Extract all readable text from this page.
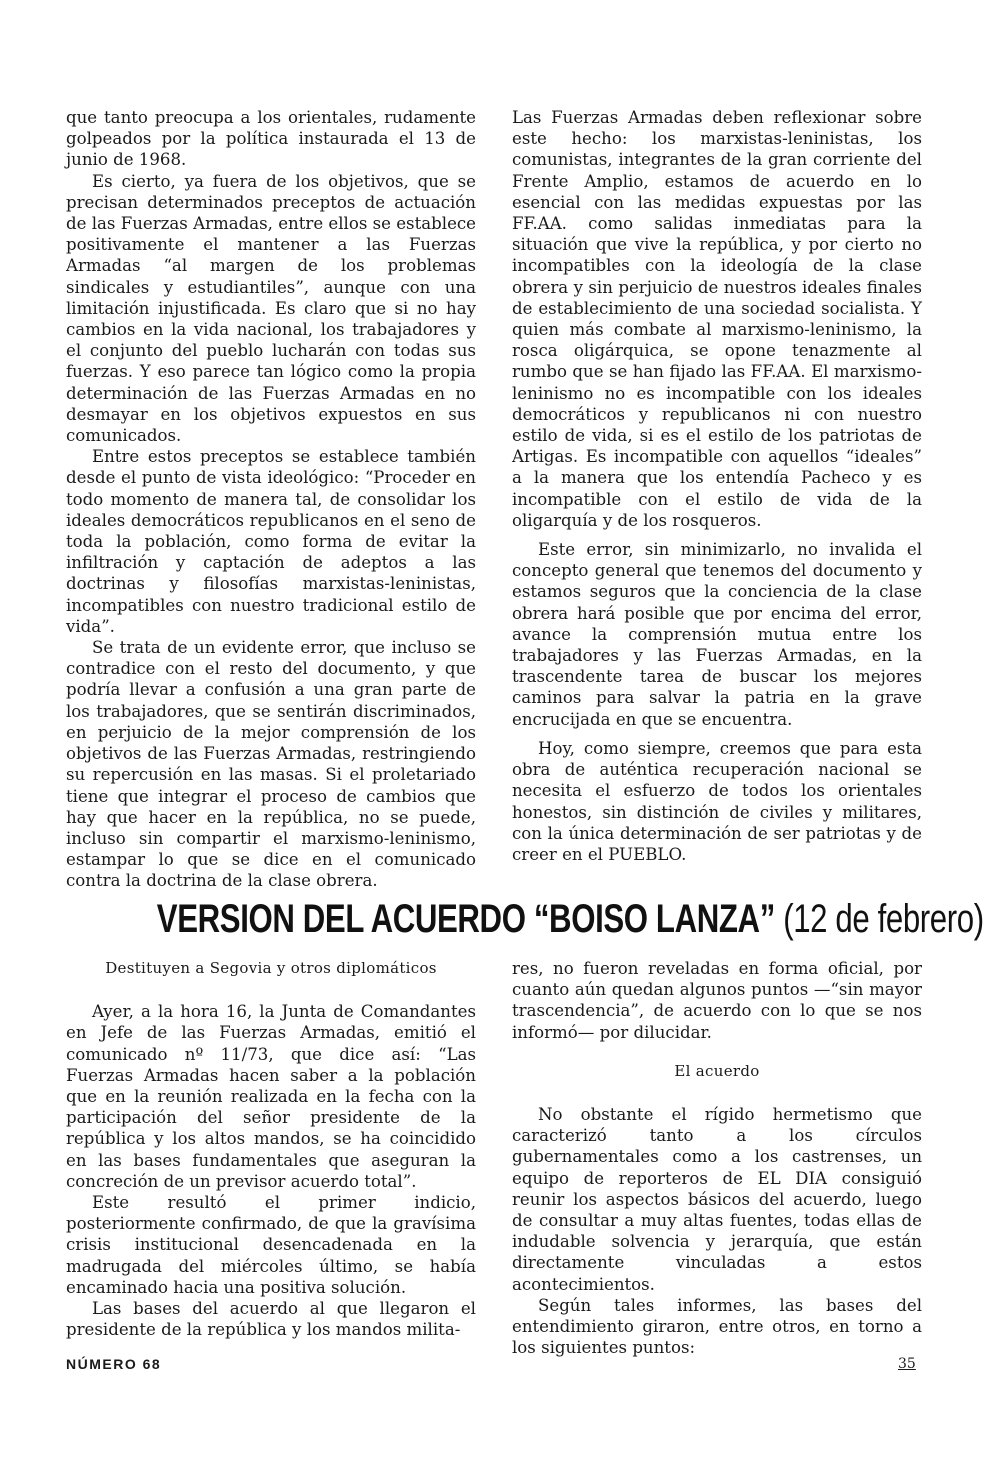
que tanto preocupa a los orientales, rudamente golpeados por la política instaurada el 13 de junio de 1968.

Es cierto, ya fuera de los objetivos, que se precisan determinados preceptos de actuación de las Fuerzas Armadas, entre ellos se establece positivamente el mantener a las Fuerzas Armadas “al margen de los problemas sindicales y estudiantiles”, aunque con una limitación injustificada. Es claro que si no hay cambios en la vida nacional, los trabajadores y el conjunto del pueblo lucharán con todas sus fuerzas. Y eso parece tan lógico como la propia determinación de las Fuerzas Armadas en no desmayar en los objetivos expuestos en sus comunicados.

Entre estos preceptos se establece también desde el punto de vista ideológico: “Proceder en todo momento de manera tal, de consolidar los ideales democráticos republicanos en el seno de toda la población, como forma de evitar la infiltración y captación de adeptos a las doctrinas y filosofías marxistas-leninistas, incompatibles con nuestro tradicional estilo de vida”.

Se trata de un evidente error, que incluso se contradice con el resto del documento, y que podría llevar a confusión a una gran parte de los trabajadores, que se sentirán discriminados, en perjuicio de la mejor comprensión de los objetivos de las Fuerzas Armadas, restringiendo su repercusión en las masas. Si el proletariado tiene que integrar el proceso de cambios que hay que hacer en la república, no se puede, incluso sin compartir el marxismo-leninismo, estampar lo que se dice en el comunicado contra la doctrina de la clase obrera.

Las Fuerzas Armadas deben reflexionar sobre este hecho: los marxistas-leninistas, los comunistas, integrantes de la gran corriente del Frente Amplio, estamos de acuerdo en lo esencial con las medidas expuestas por las FF.AA. como salidas inmediatas para la situación que vive la república, y por cierto no incompatibles con la ideología de la clase obrera y sin perjuicio de nuestros ideales finales de establecimiento de una sociedad socialista. Y quien más combate al marxismo-leninismo, la rosca oligárquica, se opone tenazmente al rumbo que se han fijado las FF.AA. El marxismo-leninismo no es incompatible con los ideales democráticos y republicanos ni con nuestro estilo de vida, si es el estilo de los patriotas de Artigas. Es incompatible con aquellos “ideales” a la manera que los entendía Pacheco y es incompatible con el estilo de vida de la oligarquía y de los rosqueros.

Este error, sin minimizarlo, no invalida el concepto general que tenemos del documento y estamos seguros que la conciencia de la clase obrera hará posible que por encima del error, avance la comprensión mutua entre los trabajadores y las Fuerzas Armadas, en la trascendente tarea de buscar los mejores caminos para salvar la patria en la grave encrucijada en que se encuentra.

Hoy, como siempre, creemos que para esta obra de auténtica recuperación nacional se necesita el esfuerzo de todos los orientales honestos, sin distinción de civiles y militares, con la única determinación de ser patriotas y de creer en el PUEBLO.

VERSION DEL ACUERDO “BOISO LANZA” (12 de febrero)

Destituyen a Segovia y otros diplomáticos

Ayer, a la hora 16, la Junta de Comandantes en Jefe de las Fuerzas Armadas, emitió el comunicado nº 11/73, que dice así: “Las Fuerzas Armadas hacen saber a la población que en la reunión realizada en la fecha con la participación del señor presidente de la república y los altos mandos, se ha coincidido en las bases fundamentales que aseguran la concreción de un previsor acuerdo total”.

Este resultó el primer indicio, posteriormente confirmado, de que la gravísima crisis institucional desencadenada en la madrugada del miércoles último, se había encaminado hacia una positiva solución.

Las bases del acuerdo al que llegaron el presidente de la república y los mandos milita-

res, no fueron reveladas en forma oficial, por cuanto aún quedan algunos puntos —“sin mayor trascendencia”, de acuerdo con lo que se nos informó— por dilucidar.

El acuerdo

No obstante el rígido hermetismo que caracterizó tanto a los círculos gubernamentales como a los castrenses, un equipo de reporteros de EL DIA consiguió reunir los aspectos básicos del acuerdo, luego de consultar a muy altas fuentes, todas ellas de indudable solvencia y jerarquía, que están directamente vinculadas a estos acontecimientos.

Según tales informes, las bases del entendimiento giraron, entre otros, en torno a los siguientes puntos:

NÚMERO 68	35
